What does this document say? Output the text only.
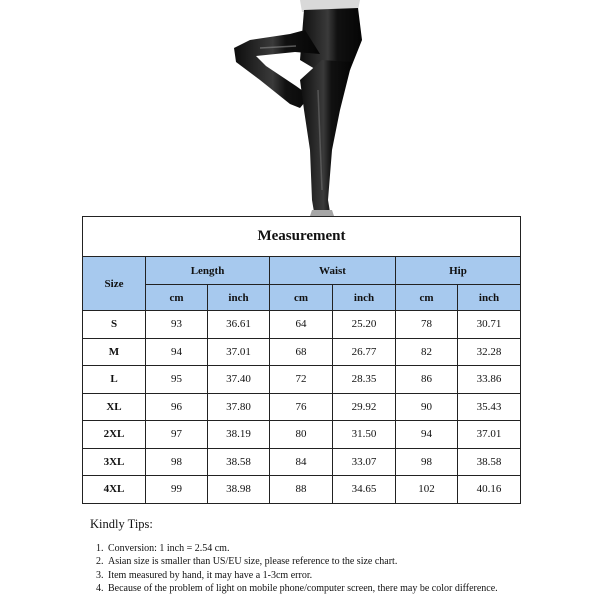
Measurement						
Size	Length		Waist		Hip	
	cm	inch	cm	inch	cm	inch
S	93	36.61	64	25.20	78	30.71
M	94	37.01	68	26.77	82	32.28
L	95	37.40	72	28.35	86	33.86
XL	96	37.80	76	29.92	90	35.43
2XL	97	38.19	80	31.50	94	37.01
3XL	98	38.58	84	33.07	98	38.58
4XL	99	38.98	88	34.65	102	40.16
Kindly Tips:
1. Conversion: 1 inch = 2.54 cm.
2. Asian size is smaller than US/EU size, please reference to the size chart.
3. Item measured by hand, it may have a 1-3cm error.
4. Because of the problem of light on mobile phone/computer screen, there may be color difference.
